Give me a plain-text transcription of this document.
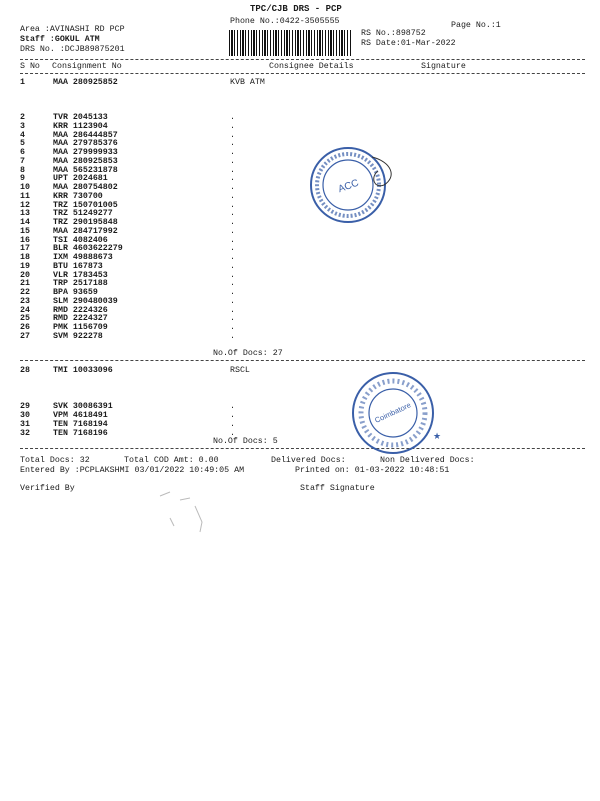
TPC/CJB DRS - PCP
Phone No.:0422-3505555	Page No.:1
Area :AVINASHI RD PCP
Staff :GOKUL ATM
DRS No. :DCJB89875201
RS No.:898752
RS Date:01-Mar-2022
S No Consignment No	Consignee Details	Signature
1	MAA 280925852	KVB ATM
2	TVR 2045133	.
3	KRR 1123904	.
4	MAA 286444857	.
5	MAA 279785376	.
6	MAA 279999933	.
7	MAA 280925853	.
8	MAA 565231878	.
9	UPT 2024681	.
10	MAA 280754802	.
11	KRR 730700	.
12	TRZ 150701005	.
13	TRZ 51249277	.
14	TRZ 290195848	.
15	MAA 284717992	.
16	TSI 4082406	.
17	BLR 4603622279	.
18	IXM 49888673	.
19	BTU 167873	.
20	VLR 1783453	.
21	TRP 2517188	.
22	BPA 93659	.
23	SLM 290480039	.
24	RMD 2224326	.
25	RMD 2224327	.
26	PMK 1156709	.
27	SVM 922278	.
No.Of Docs: 27
28	TMI 10033096	RSCL
29	SVK 30086391	.
30	VPM 4618491	.
31	TEN 7168194	.
32	TEN 7168196	.
No.Of Docs: 5
Total Docs: 32	Total COD Amt: 0.00	Delivered Docs:	Non Delivered Docs:
Entered By :PCPLAKSHMI 03/01/2022 10:49:05 AM	Printed on: 01-03-2022 10:48:51
Verified By	Staff Signature
ACC
Coimbatore
★
